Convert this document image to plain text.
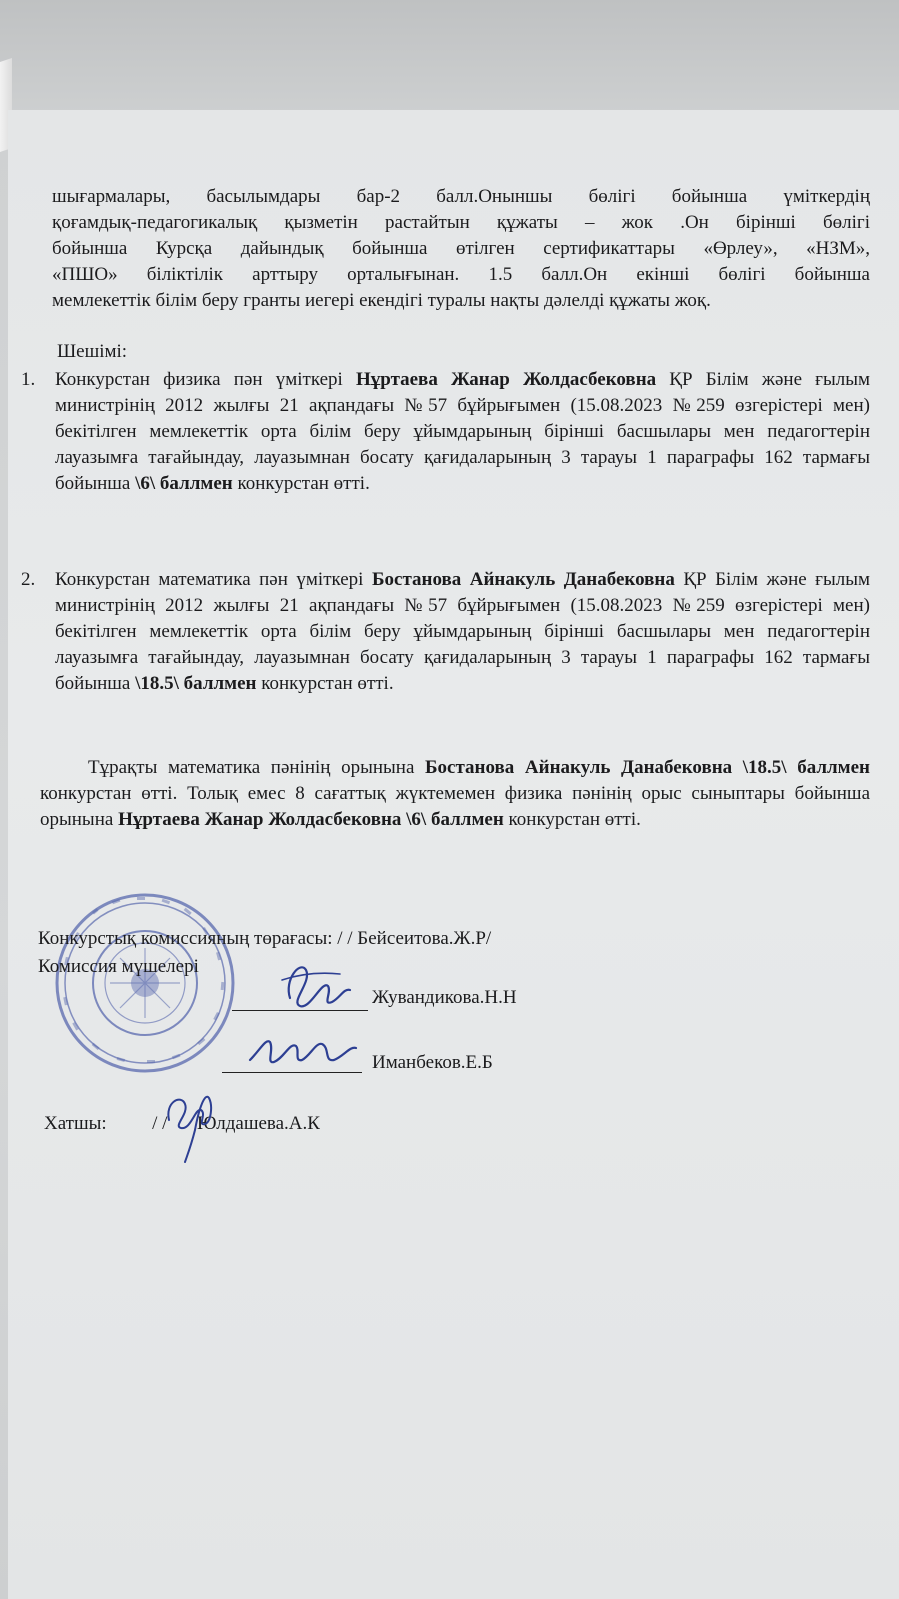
шығармалары, басылымдары бар-2 балл.Оныншы бөлігі бойынша үміткердің
қоғамдық-педагогикалық қызметін растайтын құжаты – жок .Он бірінші бөлігі
бойынша Курсқа дайындық бойынша өтілген сертификаттары «Өрлеу», «НЗМ»,
«ПШО» біліктілік арттыру орталығынан. 1.5 балл.Он екінші бөлігі бойынша
мемлекеттік білім беру гранты иегері екендігі туралы нақты дәлелді құжаты жоқ.
Шешімі:
1. Конкурстан физика пән үміткері Нұртаева Жанар Жолдасбековна ҚР Білім және ғылым министрінің 2012 жылғы 21 ақпандағы №57 бұйрығымен (15.08.2023 №259 өзгерістері мен) бекітілген мемлекеттік орта білім беру ұйымдарының бірінші басшылары мен педагогтерін лауазымға тағайындау, лауазымнан босату қағидаларының 3 тарауы 1 параграфы 162 тармағы бойынша \6\ баллмен конкурстан өтті.
2. Конкурстан математика пән үміткері Бостанова Айнакуль Данабековна ҚР Білім және ғылым министрінің 2012 жылғы 21 ақпандағы №57 бұйрығымен (15.08.2023 №259 өзгерістері мен) бекітілген мемлекеттік орта білім беру ұйымдарының бірінші басшылары мен педагогтерін лауазымға тағайындау, лауазымнан босату қағидаларының 3 тарауы 1 параграфы 162 тармағы бойынша \18.5\ баллмен конкурстан өтті.
Тұрақты математика пәнінің орынына Бостанова Айнакуль Данабековна \18.5\ баллмен конкурстан өтті. Толық емес 8 сағаттық жүктемемен физика пәнінің орыс сыныптары бойынша орынына Нұртаева Жанар Жолдасбековна \6\ баллмен конкурстан өтті.
Конкурстық комиссияның төрағасы: / / Бейсеитова.Ж.Р/
Комиссия мүшелері
Жувандикова.Н.Н
Иманбеков.Е.Б
Хатшы: / / Юлдашева.А.К
